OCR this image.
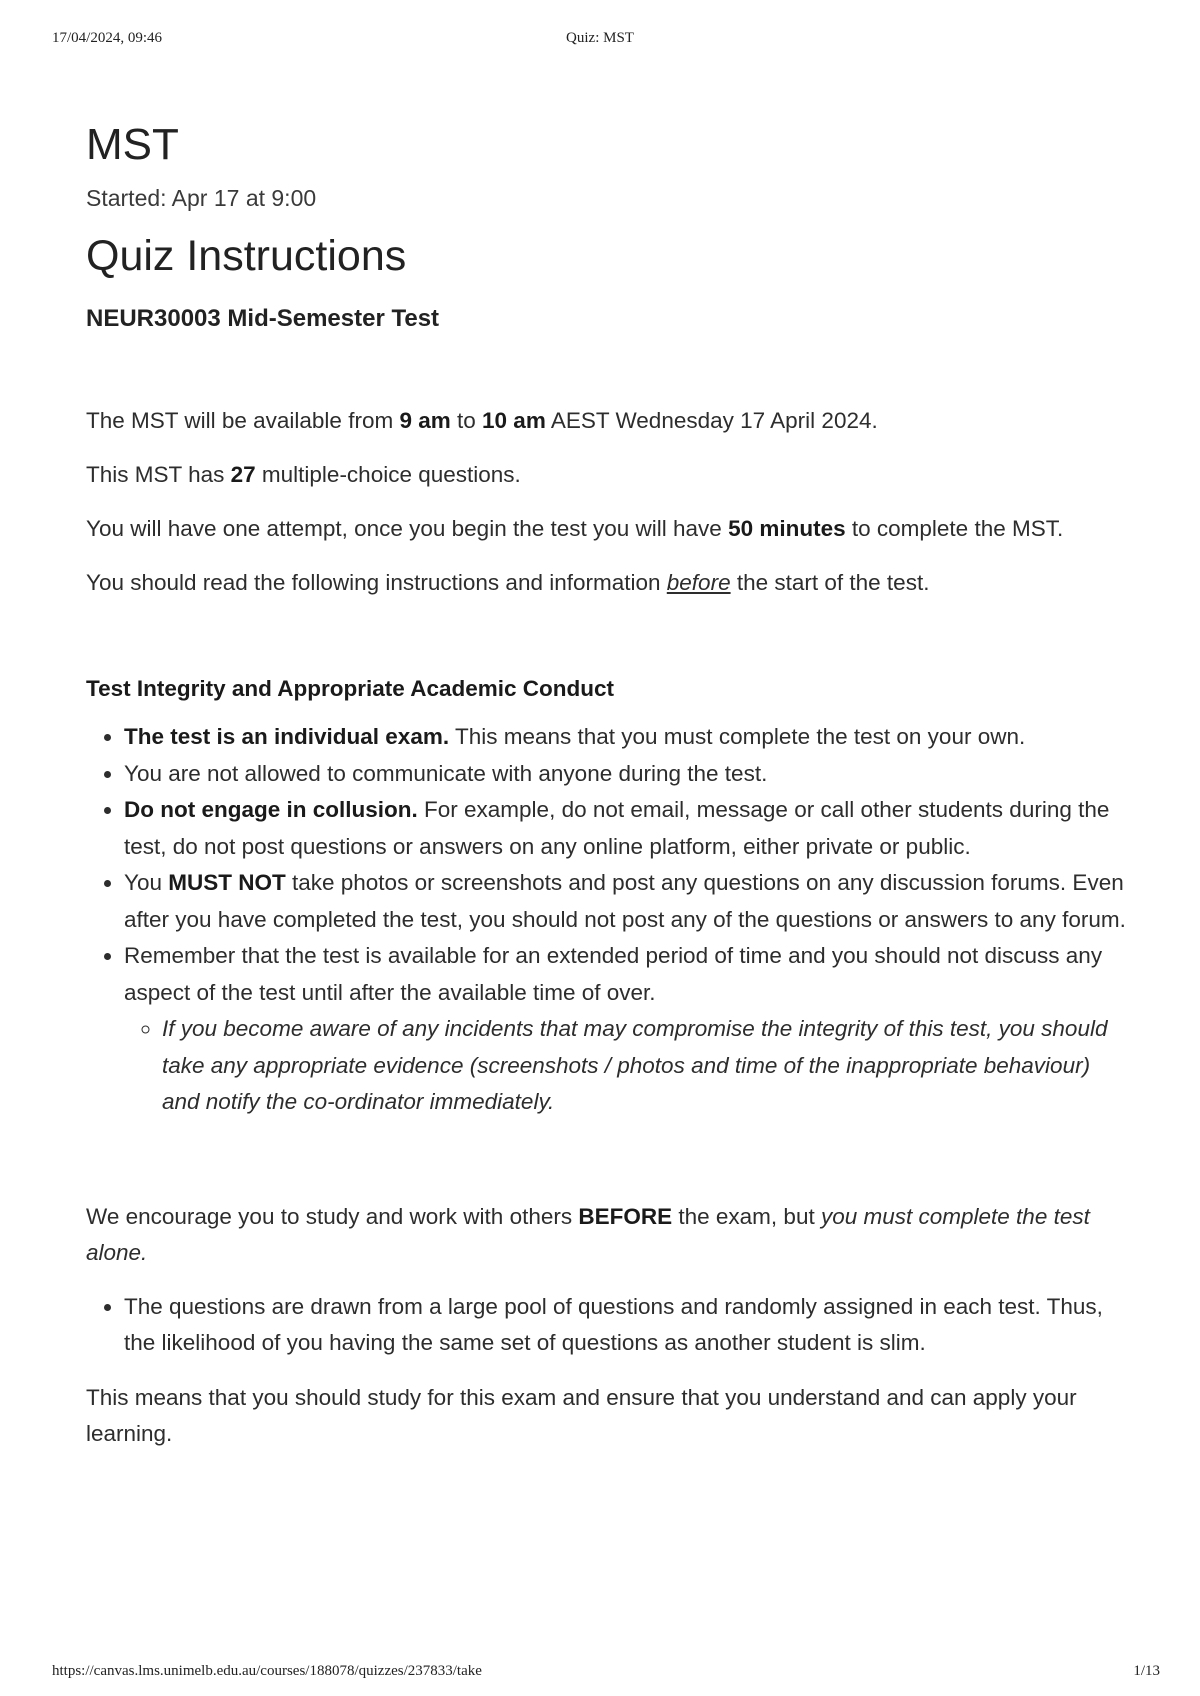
17/04/2024, 09:46	Quiz: MST
MST
Started: Apr 17 at 9:00
Quiz Instructions
NEUR30003 Mid-Semester Test

The MST will be available from 9 am to 10 am AEST Wednesday 17 April 2024.

This MST has 27 multiple-choice questions.

You will have one attempt, once you begin the test you will have 50 minutes to complete the MST.

You should read the following instructions and information before the start of the test.

Test Integrity and Appropriate Academic Conduct
• The test is an individual exam. This means that you must complete the test on your own.
• You are not allowed to communicate with anyone during the test.
• Do not engage in collusion. For example, do not email, message or call other students during the test, do not post questions or answers on any online platform, either private or public.
• You MUST NOT take photos or screenshots and post any questions on any discussion forums. Even after you have completed the test, you should not post any of the questions or answers to any forum.
• Remember that the test is available for an extended period of time and you should not discuss any aspect of the test until after the available time of over.
◦ If you become aware of any incidents that may compromise the integrity of this test, you should take any appropriate evidence (screenshots / photos and time of the inappropriate behaviour) and notify the co-ordinator immediately.

We encourage you to study and work with others BEFORE the exam, but you must complete the test alone.

• The questions are drawn from a large pool of questions and randomly assigned in each test. Thus, the likelihood of you having the same set of questions as another student is slim.

This means that you should study for this exam and ensure that you understand and can apply your learning.

https://canvas.lms.unimelb.edu.au/courses/188078/quizzes/237833/take	1/13
